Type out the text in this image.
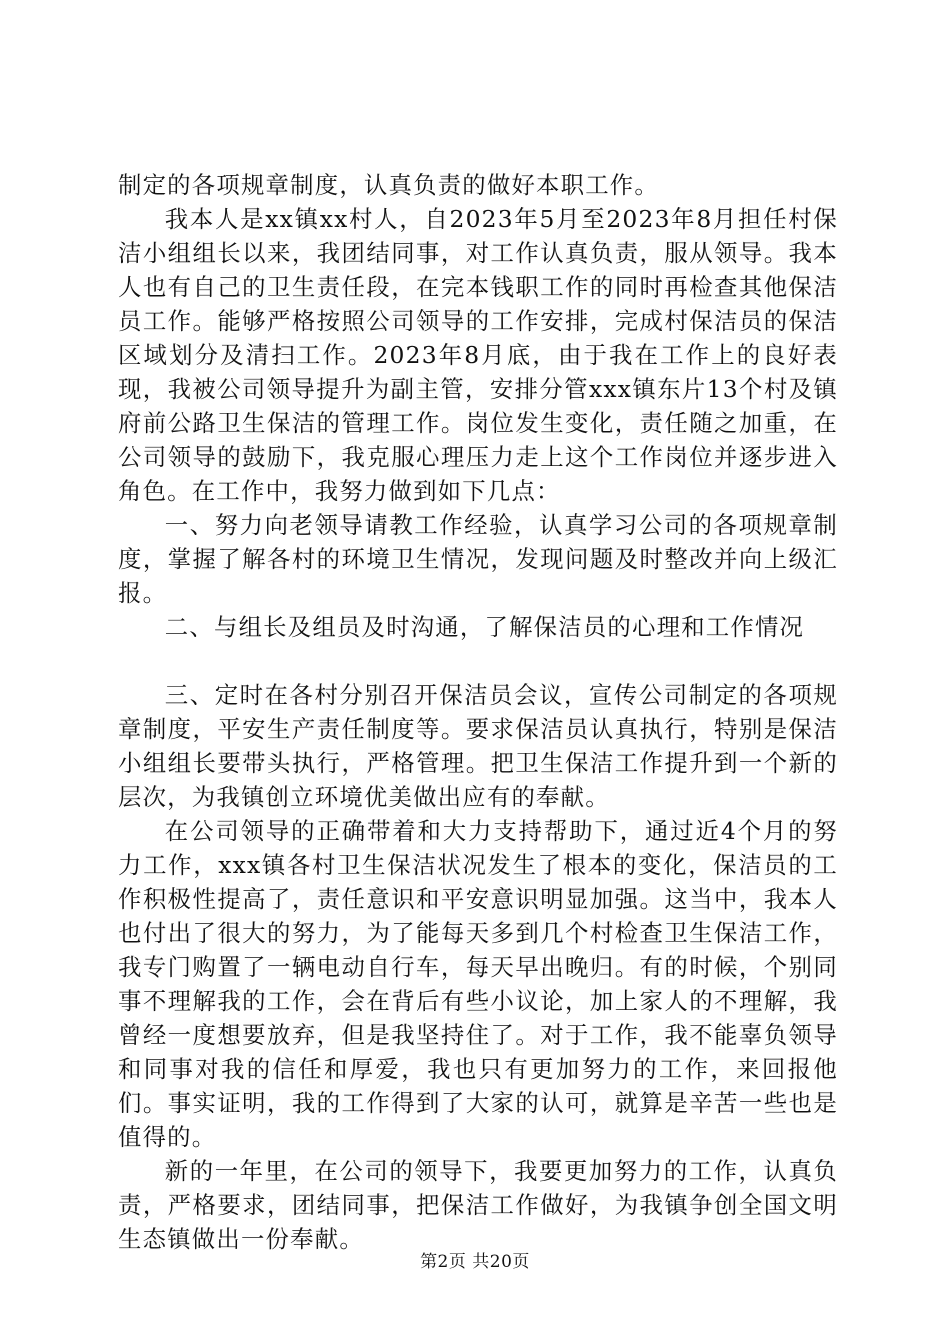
制定的各项规章制度，认真负责的做好本职工作。

我本人是xx镇xx村人，自2023年5月至2023年8月担任村保洁小组组长以来，我团结同事，对工作认真负责，服从领导。我本人也有自己的卫生责任段，在完本钱职工作的同时再检查其他保洁员工作。能够严格按照公司领导的工作安排，完成村保洁员的保洁区域划分及清扫工作。2023年8月底，由于我在工作上的良好表现，我被公司领导提升为副主管，安排分管xxx镇东片13个村及镇府前公路卫生保洁的管理工作。岗位发生变化，责任随之加重，在公司领导的鼓励下，我克服心理压力走上这个工作岗位并逐步进入角色。在工作中，我努力做到如下几点：

一、努力向老领导请教工作经验，认真学习公司的各项规章制度，掌握了解各村的环境卫生情况，发现问题及时整改并向上级汇报。

二、与组长及组员及时沟通，了解保洁员的心理和工作情况

三、定时在各村分别召开保洁员会议，宣传公司制定的各项规章制度，平安生产责任制度等。要求保洁员认真执行，特别是保洁小组组长要带头执行，严格管理。把卫生保洁工作提升到一个新的层次，为我镇创立环境优美做出应有的奉献。

在公司领导的正确带着和大力支持帮助下，通过近4个月的努力工作，xxx镇各村卫生保洁状况发生了根本的变化，保洁员的工作积极性提高了，责任意识和平安意识明显加强。这当中，我本人也付出了很大的努力，为了能每天多到几个村检查卫生保洁工作，我专门购置了一辆电动自行车，每天早出晚归。有的时候，个别同事不理解我的工作，会在背后有些小议论，加上家人的不理解，我曾经一度想要放弃，但是我坚持住了。对于工作，我不能辜负领导和同事对我的信任和厚爱，我也只有更加努力的工作，来回报他们。事实证明，我的工作得到了大家的认可，就算是辛苦一些也是值得的。

新的一年里，在公司的领导下，我要更加努力的工作，认真负责，严格要求，团结同事，把保洁工作做好，为我镇争创全国文明生态镇做出一份奉献。

第2页 共20页
